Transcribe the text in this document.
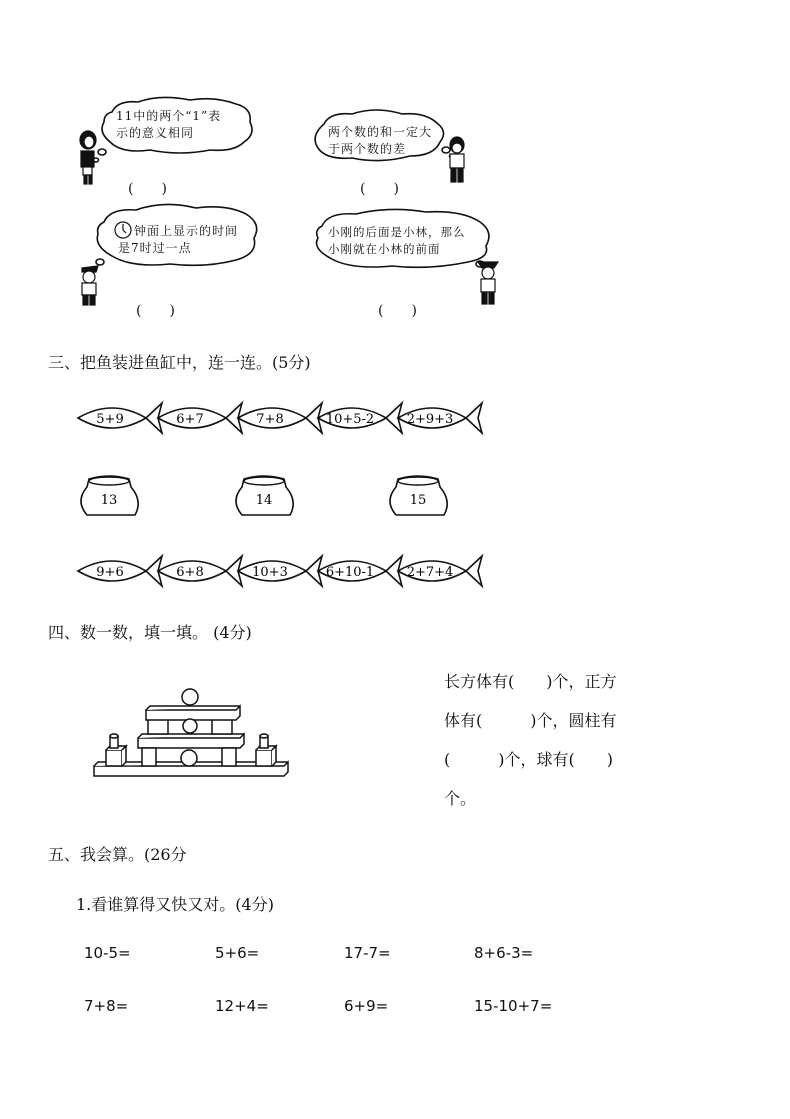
11中的两个“1”表
示的意义相同
(　　)
两个数的和一定大
于两个数的差
(　　)
钟面上显示的时间
是7时过一点
(　　)
小刚的后面是小林，那么
小刚就在小林的前面
(　　)
三、把鱼装进鱼缸中，连一连。(5分)
5+9	6+7	7+8	10+5-2	2+9+3
13	14	15
9+6	6+8	10+3	6+10-1	2+7+4
四、数一数，填一填。 (4分)
长方体有(　　)个，正方
体有(　　　)个，圆柱有
(　　　)个，球有(　　)
个。
五、我会算。(26分
1.看谁算得又快又对。(4分)
10-5=	5+6=	17-7=	8+6-3=
7+8=	12+4=	6+9=	15-10+7=
